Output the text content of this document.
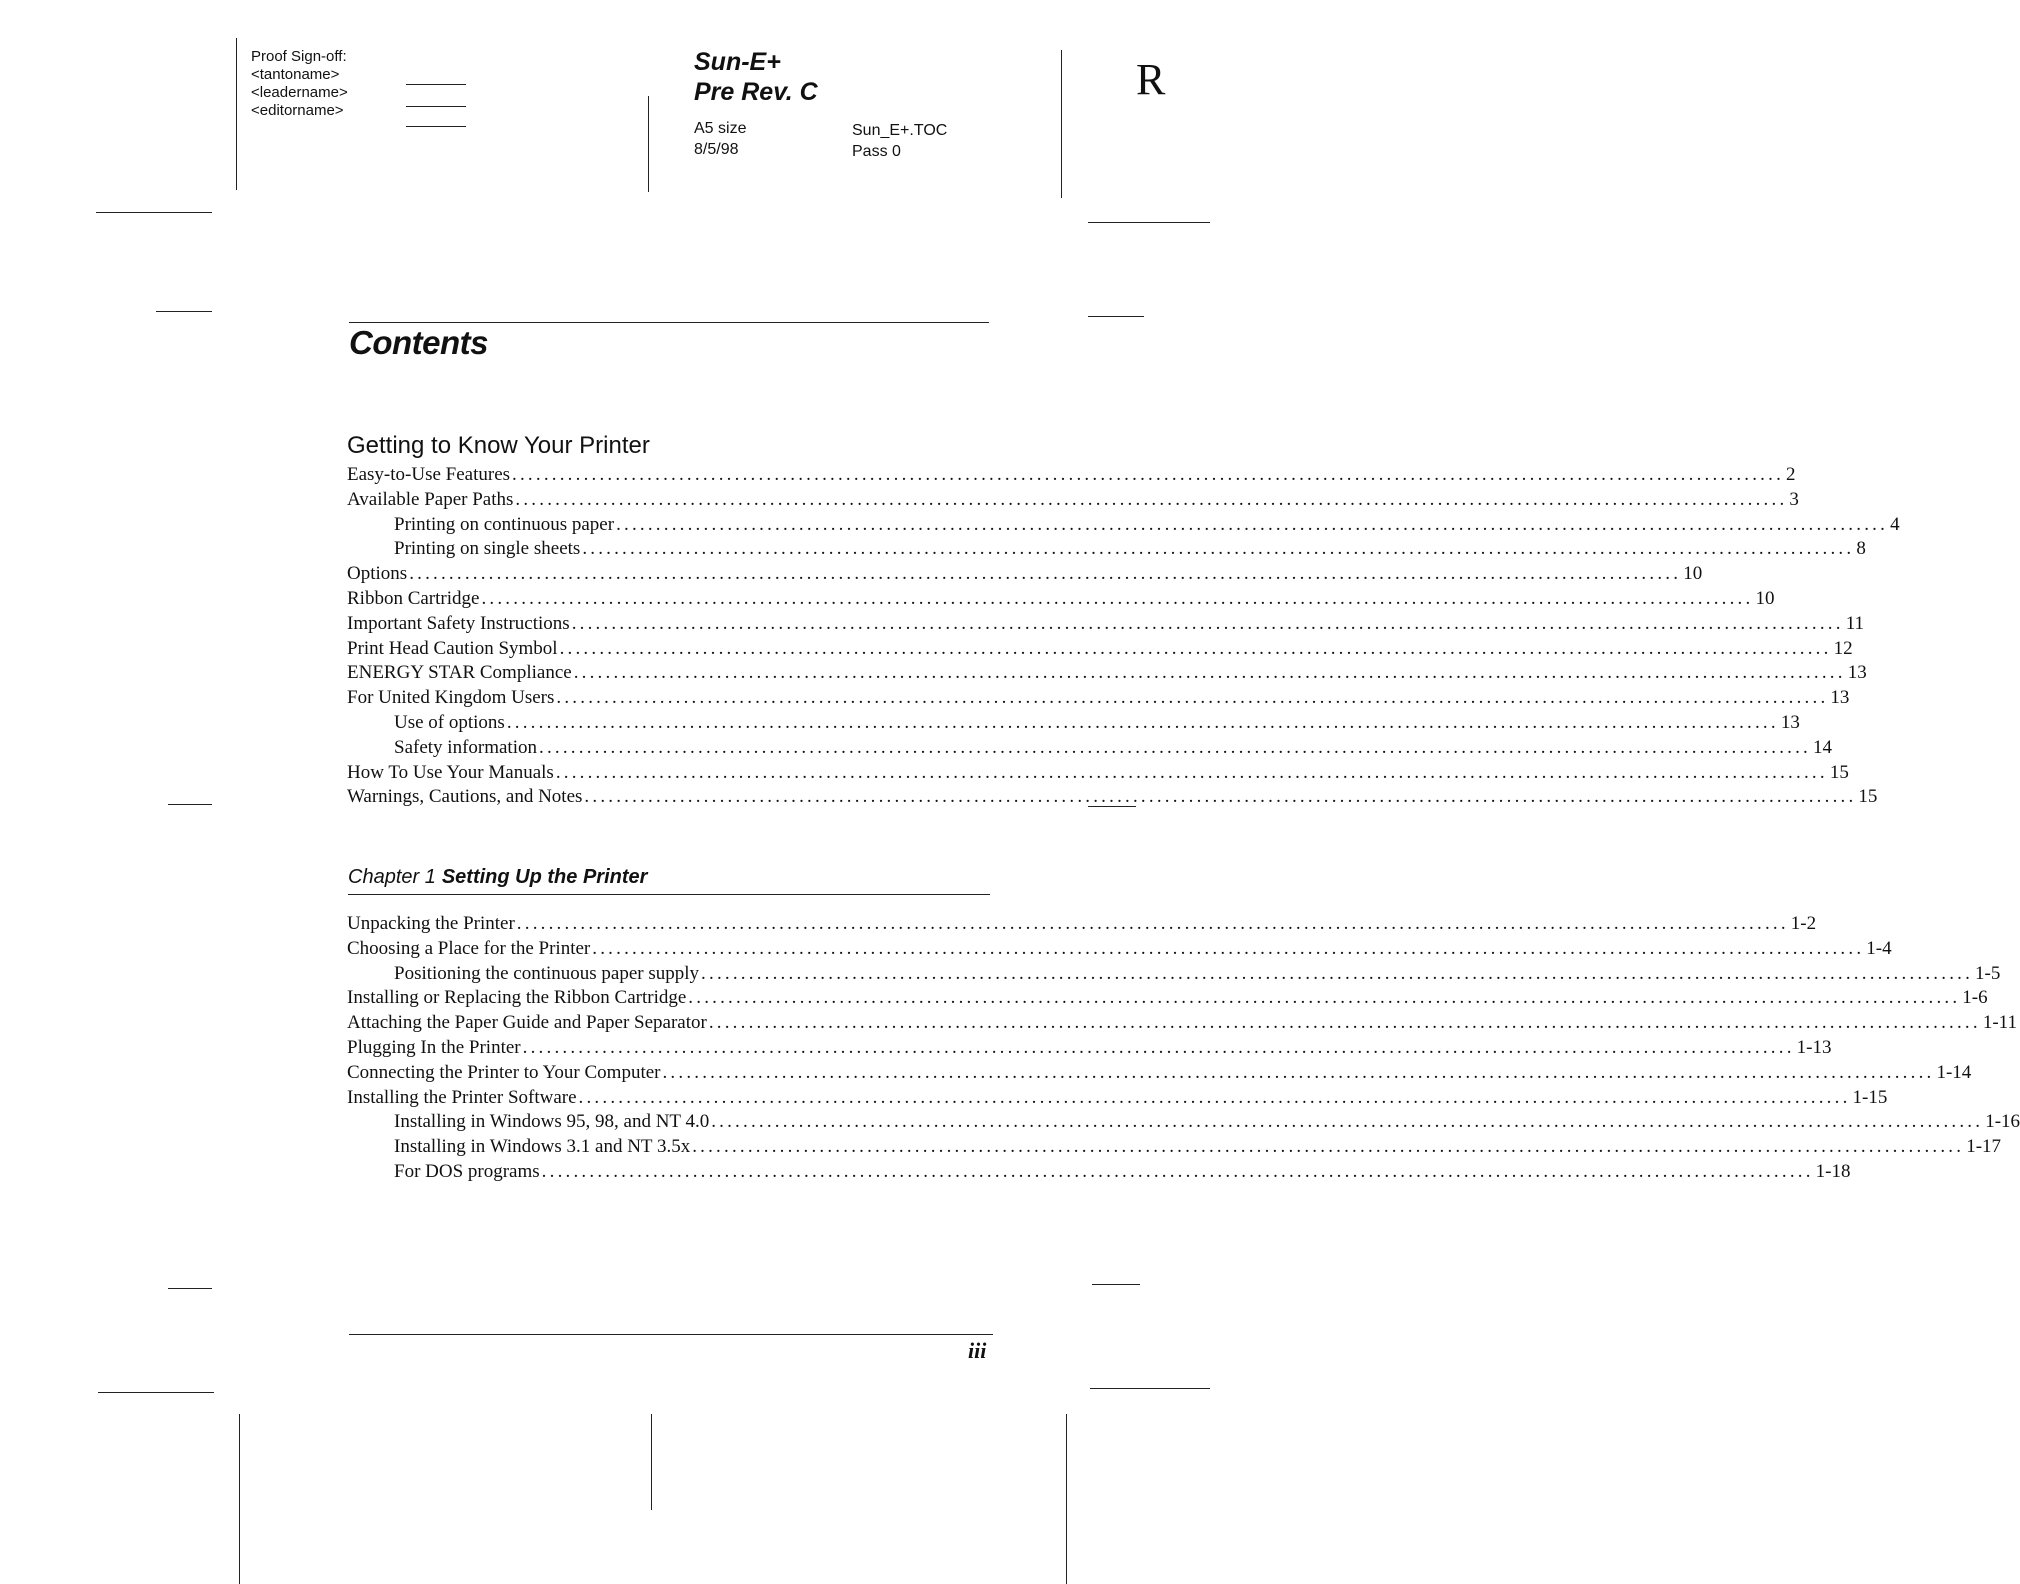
Proof Sign-off:
<tantoname>
<leadername>
<editorname>
Sun-E+
Pre Rev. C
A5 size
8/5/98
Sun_E+.TOC
Pass 0
R
Contents
Getting to Know Your Printer
Easy-to-Use Features ................................................................................................................................................................ 2
Available Paper Paths ................................................................................................................................................................ 3
Printing on continuous paper ................................................................................................................................................................ 4
Printing on single sheets ................................................................................................................................................................ 8
Options ................................................................................................................................................................ 10
Ribbon Cartridge ................................................................................................................................................................ 10
Important Safety Instructions ................................................................................................................................................................ 11
Print Head Caution Symbol ................................................................................................................................................................ 12
ENERGY STAR Compliance ................................................................................................................................................................ 13
For United Kingdom Users ................................................................................................................................................................ 13
Use of options ................................................................................................................................................................ 13
Safety information ................................................................................................................................................................ 14
How To Use Your Manuals ................................................................................................................................................................ 15
Warnings, Cautions, and Notes ................................................................................................................................................................ 15
Chapter 1 Setting Up the Printer
Unpacking the Printer ................................................................................................................................................................ 1-2
Choosing a Place for the Printer ................................................................................................................................................................ 1-4
Positioning the continuous paper supply ................................................................................................................................................................ 1-5
Installing or Replacing the Ribbon Cartridge ................................................................................................................................................................ 1-6
Attaching the Paper Guide and Paper Separator ................................................................................................................................................................ 1-11
Plugging In the Printer ................................................................................................................................................................ 1-13
Connecting the Printer to Your Computer ................................................................................................................................................................ 1-14
Installing the Printer Software ................................................................................................................................................................ 1-15
Installing in Windows 95, 98, and NT 4.0 ................................................................................................................................................................ 1-16
Installing in Windows 3.1 and NT 3.5x ................................................................................................................................................................ 1-17
For DOS programs ................................................................................................................................................................ 1-18
iii
